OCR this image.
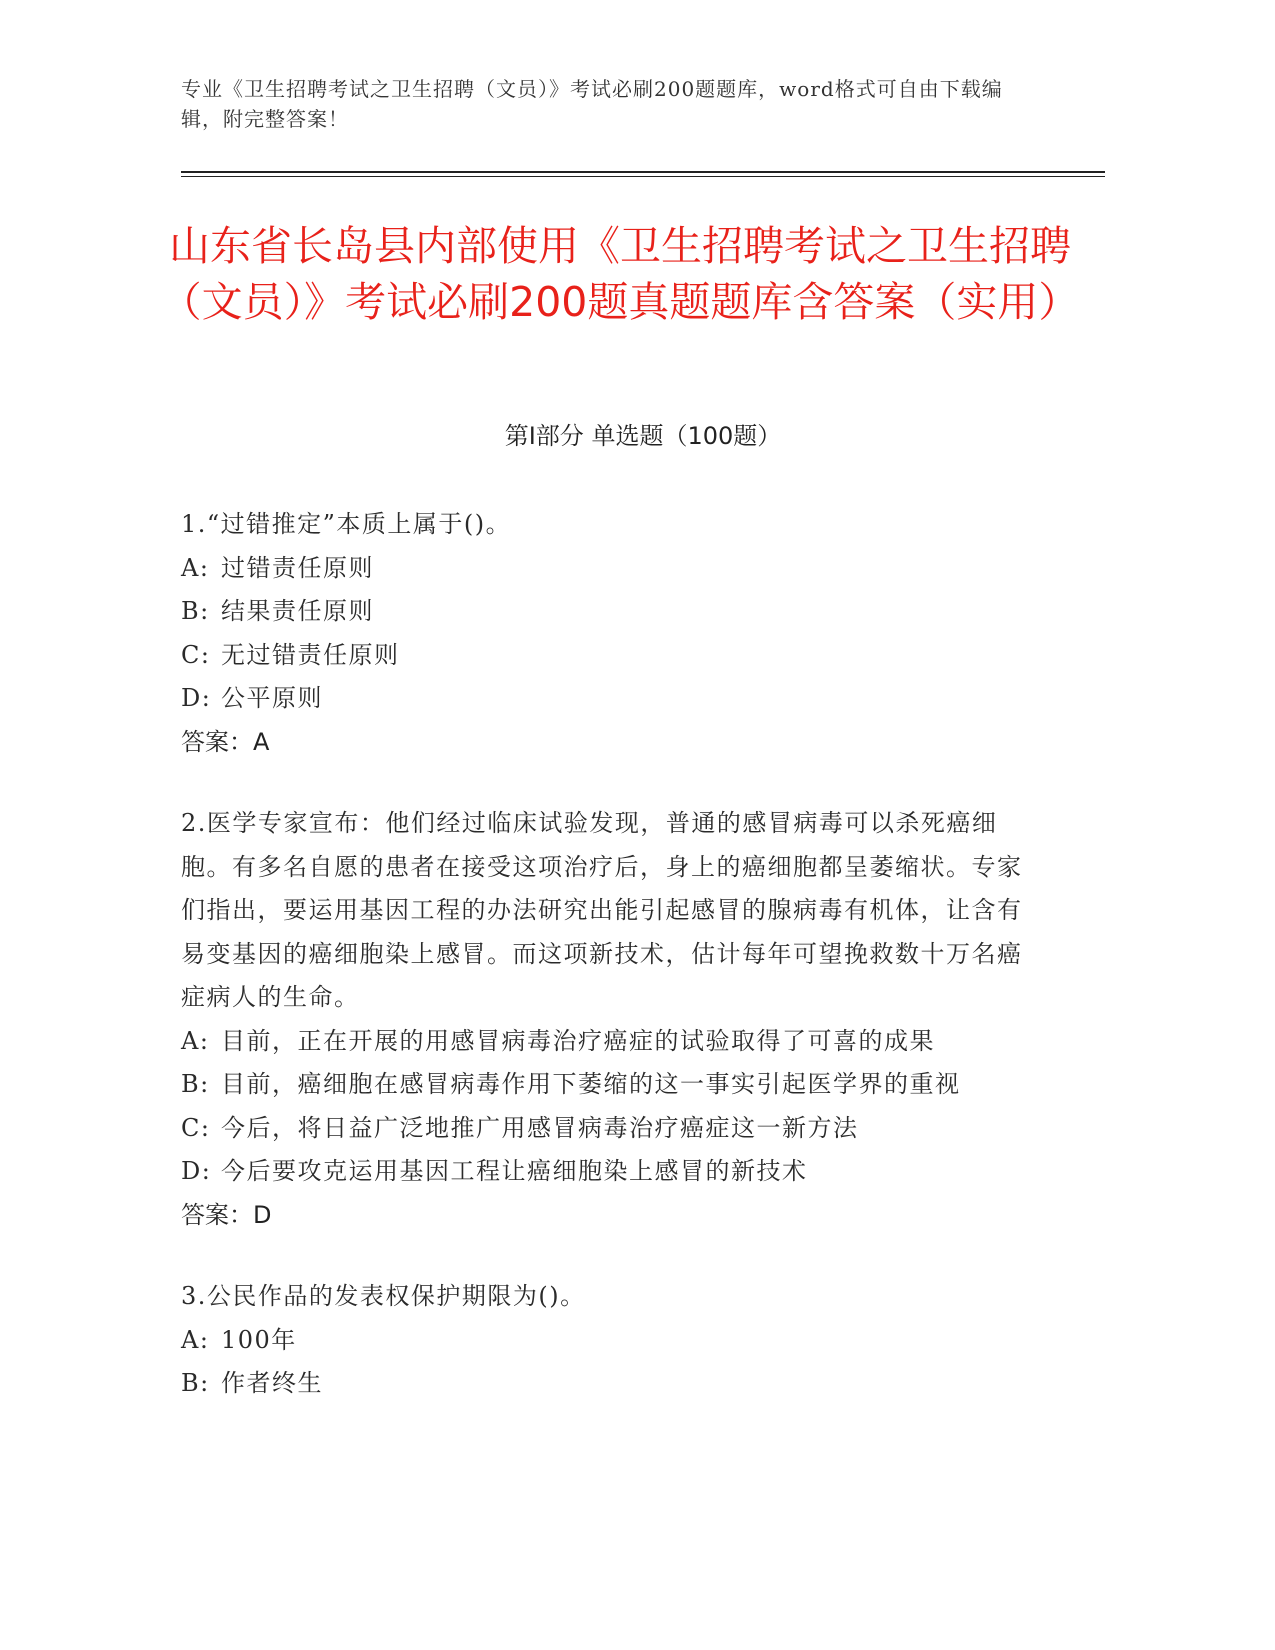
专业《卫生招聘考试之卫生招聘（文员）》考试必刷200题题库，word格式可自由下载编辑，附完整答案！
山东省长岛县内部使用《卫生招聘考试之卫生招聘（文员）》考试必刷200题真题题库含答案（实用）
第I部分 单选题（100题）
1.“过错推定”本质上属于()。
A: 过错责任原则
B: 结果责任原则
C: 无过错责任原则
D: 公平原则
答案：A
2.医学专家宣布：他们经过临床试验发现，普通的感冒病毒可以杀死癌细胞。有多名自愿的患者在接受这项治疗后，身上的癌细胞都呈萎缩状。专家们指出，要运用基因工程的办法研究出能引起感冒的腺病毒有机体，让含有易变基因的癌细胞染上感冒。而这项新技术，估计每年可望挽救数十万名癌症病人的生命。
A: 目前，正在开展的用感冒病毒治疗癌症的试验取得了可喜的成果
B: 目前，癌细胞在感冒病毒作用下萎缩的这一事实引起医学界的重视
C: 今后，将日益广泛地推广用感冒病毒治疗癌症这一新方法
D: 今后要攻克运用基因工程让癌细胞染上感冒的新技术
答案：D
3.公民作品的发表权保护期限为()。
A: 100年
B: 作者终生
